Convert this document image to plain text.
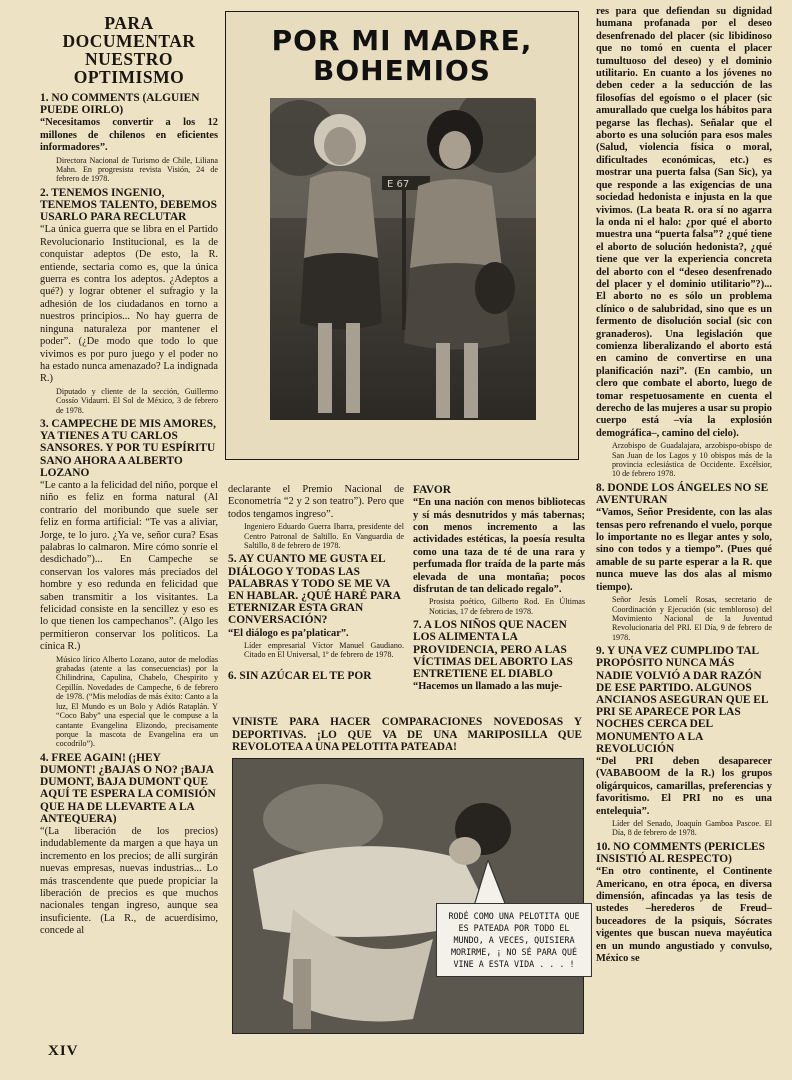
PARA DOCUMENTAR NUESTRO OPTIMISMO
1. NO COMMENTS (ALGUIEN PUEDE OIRLO)

“Necesitamos convertir a los 12 millones de chilenos en eficientes informadores”.

Directora Nacional de Turismo de Chile, Liliana Mahn. En progresista revista Visión, 24 de febrero de 1978.

2. TENEMOS INGENIO, TENEMOS TALENTO, DEBEMOS USARLO PARA RECLUTAR

“La única guerra que se libra en el Partido Revolucionario Institucional, es la de conquistar adeptos (De esto, la R. entiende, sectaria como es, que la única guerra es contra los adeptos. ¿Adeptos a qué?) y lograr obtener el sufragio y la adhesión de los ciudadanos en torno a nuestros principios... No hay guerra de ninguna naturaleza por mantener el poder”. (¿De modo que todo lo que vivimos es por puro juego y el poder no ha estado nunca amenazado? La indignada R.)

Diputado y cliente de la sección, Guillermo Cossío Vidaurri. El Sol de México, 3 de febrero de 1978.

3. CAMPECHE DE MIS AMORES, YA TIENES A TU CARLOS SANSORES. Y POR TU ESPÍRITU SANO AHORA A ALBERTO LOZANO

“Le canto a la felicidad del niño, porque el niño es feliz en forma natural (Al contrario del moribundo que suele ser feliz en forma artificial: “Te vas a aliviar, Jorge, te lo juro. ¿Ya ve, señor cura? Esas palabras lo calmaron. Mire cómo sonríe el desdichado”)... En Campeche se conservan los valores más preciados del hombre y eso redunda en felicidad que saben transmitir a los visitantes. La felicidad consiste en la sencillez y eso es lo que tienen los campechanos”. (Algo les permitieron conservar los políticos. La cínica R.)

Músico lírico Alberto Lozano, autor de melodías grabadas (atente a las consecuencias) por la Chilindrina, Capulina, Chabelo, Chespirito y Cepillín. Novedades de Campeche, 6 de febrero de 1978. (“Mis melodías de más éxito: Canto a la luz, El Mundo es un Bolo y Adiós Rataplán. Y “Coco Baby” una especial que le compuse a la cantante Evangelina Elizondo, precisamente porque la mascota de Evangelina era un cocodrilo”).

4. FREE AGAIN! (¡HEY DUMONT! ¿BAJAS O NO? ¡BAJA DUMONT, BAJA DUMONT QUE AQUÍ TE ESPERA LA COMISIÓN QUE HA DE LLEVARTE A LA ANTEQUERA)

“(La liberación de los precios) indudablemente da margen a que haya un incremento en los precios; de allí surgirán nuevas empresas, nuevas industrias... Lo más trascendente que puede propiciar la liberación de precios es que muchos nacionales tengan ingreso, aunque sea insuficiente. (La R., de acuerdísimo, concede al

POR MI MADRE,
BOHEMIOS
E 67

declarante el Premio Nacional de Econometría “2 y 2 son teatro”). Pero que todos tengamos ingreso”.

Ingeniero Eduardo Guerra Ibarra, presidente del Centro Patronal de Saltillo. En Vanguardia de Saltillo, 8 de febrero de 1978.

5. AY CUANTO ME GUSTA EL DIÁLOGO Y TODAS LAS PALABRAS Y TODO SE ME VA EN HABLAR. ¿QUÉ HARÉ PARA ETERNIZAR ESTA GRAN CONVERSACIÓN?

“El diálogo es pa’platicar”.

Líder empresarial Víctor Manuel Gaudiano. Citado en El Universal, 1º de febrero de 1978.

6. SIN AZÚCAR EL TE POR
FAVOR

“En una nación con menos bibliotecas y sí más desnutridos y más tabernas; con menos incremento a las actividades estéticas, la poesía resulta como una taza de té de una rara y perfumada flor traída de la parte más elevada de una montaña; pocos disfrutan de tan delicado regalo”.

Prosista poético, Gilberto Rod. En Últimas Noticias, 17 de febrero de 1978.

7. A LOS NIÑOS QUE NACEN LOS ALIMENTA LA PROVIDENCIA, PERO A LAS VÍCTIMAS DEL ABORTO LAS ENTRETIENE EL DIABLO

“Hacemos un llamado a las muje-

VINISTE PARA HACER COMPARACIONES NOVEDOSAS Y DEPORTIVAS. ¡LO QUE VA DE UNA MARIPOSILLA QUE REVOLOTEA A UNA PELOTITA PATEADA!
RODÉ COMO UNA PELOTITA QUE ES PATEADA POR TODO EL MUNDO, A VECES, QUISIERA MORIRME, ¡ NO SÉ PARA QUÉ VINE A ESTA VIDA . . . !

res para que defiendan su dignidad humana profanada por el deseo desenfrenado del placer (sic libidinoso que no tomó en cuenta el placer tumultuoso del deseo) y el dominio utilitario. En cuanto a los jóvenes no deben ceder a la seducción de las filosofías del egoísmo o el placer (sic amurallado que cuelga los hábitos para pegarse las flechas). Señalar que el aborto es una solución para esos males (Salud, violencia física o moral, dificultades económicas, etc.) es mostrar una puerta falsa (San Sic), ya que responde a las exigencias de una sociedad hedonista e injusta en la que vivimos. (La beata R. ora sí no agarra la onda ni el halo: ¿por qué el aborto muestra una “puerta falsa”? ¿qué tiene el aborto de solución hedonista?, ¿qué tiene que ver la experiencia concreta del aborto con el “deseo desenfrenado del placer y el dominio utilitario”?)... El aborto no es sólo un problema clínico o de salubridad, sino que es un fermento de disolución social (sic con granaderos). Una legislación que comienza liberalizando el aborto está en camino de convertirse en una planificación nazi”. (En cambio, un clero que combate el aborto, luego de tomar respetuosamente en cuenta el derecho de las mujeres a usar su propio cuerpo está –vía la explosión demográfica–, camino del cielo).

Arzobispo de Guadalajara, arzobispo-obispo de San Juan de los Lagos y 10 obispos más de la provincia eclesiástica de Occidente. Excélsior, 10 de febrero 1978.

8. DONDE LOS ÁNGELES NO SE AVENTURAN

“Vamos, Señor Presidente, con las alas tensas pero refrenando el vuelo, porque lo importante no es llegar antes y solo, sino con todos y a tiempo”. (Pues qué amable de su parte esperar a la R. que nunca mueve las dos alas al mismo tiempo).

Señor Jesús Lomelí Rosas, secretario de Coordinación y Ejecución (sic tembloroso) del Movimiento Nacional de la Juventud Revolucionaria del PRI. El Día, 9 de febrero de 1978.

9. Y UNA VEZ CUMPLIDO TAL PROPÓSITO NUNCA MÁS NADIE VOLVIÓ A DAR RAZÓN DE ESE PARTIDO. ALGUNOS ANCIANOS ASEGURAN QUE EL PRI SE APARECE POR LAS NOCHES CERCA DEL MONUMENTO A LA REVOLUCIÓN

“Del PRI deben desaparecer (VABABOOM de la R.) los grupos oligárquicos, camarillas, preferencias y favoritismo. El PRI no es una entelequia”.

Líder del Senado, Joaquín Gamboa Pascoe. El Día, 8 de febrero de 1978.

10. NO COMMENTS (PERICLES INSISTIÓ AL RESPECTO)

“En otro continente, el Continente Americano, en otra época, en diversa dimensión, afincadas ya las tesis de ustedes –herederos de Freud– buceadores de la psiquis, Sócrates vigentes que buscan nueva mayéutica en un mundo angustiado y convulso, México se

XIV
